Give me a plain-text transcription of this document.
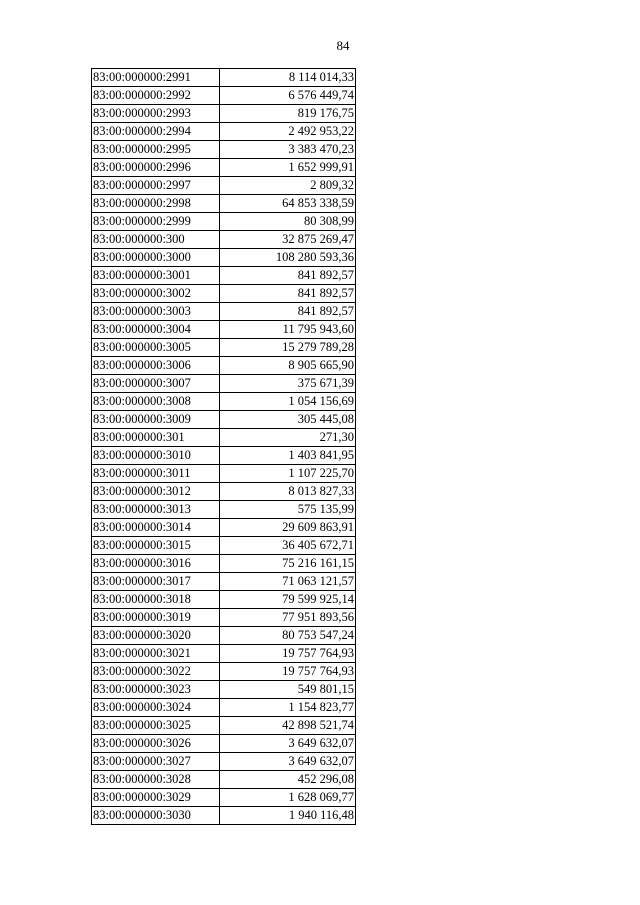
84
83:00:000000:2991	8 114 014,33
83:00:000000:2992	6 576 449,74
83:00:000000:2993	819 176,75
83:00:000000:2994	2 492 953,22
83:00:000000:2995	3 383 470,23
83:00:000000:2996	1 652 999,91
83:00:000000:2997	2 809,32
83:00:000000:2998	64 853 338,59
83:00:000000:2999	80 308,99
83:00:000000:300	32 875 269,47
83:00:000000:3000	108 280 593,36
83:00:000000:3001	841 892,57
83:00:000000:3002	841 892,57
83:00:000000:3003	841 892,57
83:00:000000:3004	11 795 943,60
83:00:000000:3005	15 279 789,28
83:00:000000:3006	8 905 665,90
83:00:000000:3007	375 671,39
83:00:000000:3008	1 054 156,69
83:00:000000:3009	305 445,08
83:00:000000:301	271,30
83:00:000000:3010	1 403 841,95
83:00:000000:3011	1 107 225,70
83:00:000000:3012	8 013 827,33
83:00:000000:3013	575 135,99
83:00:000000:3014	29 609 863,91
83:00:000000:3015	36 405 672,71
83:00:000000:3016	75 216 161,15
83:00:000000:3017	71 063 121,57
83:00:000000:3018	79 599 925,14
83:00:000000:3019	77 951 893,56
83:00:000000:3020	80 753 547,24
83:00:000000:3021	19 757 764,93
83:00:000000:3022	19 757 764,93
83:00:000000:3023	549 801,15
83:00:000000:3024	1 154 823,77
83:00:000000:3025	42 898 521,74
83:00:000000:3026	3 649 632,07
83:00:000000:3027	3 649 632,07
83:00:000000:3028	452 296,08
83:00:000000:3029	1 628 069,77
83:00:000000:3030	1 940 116,48
